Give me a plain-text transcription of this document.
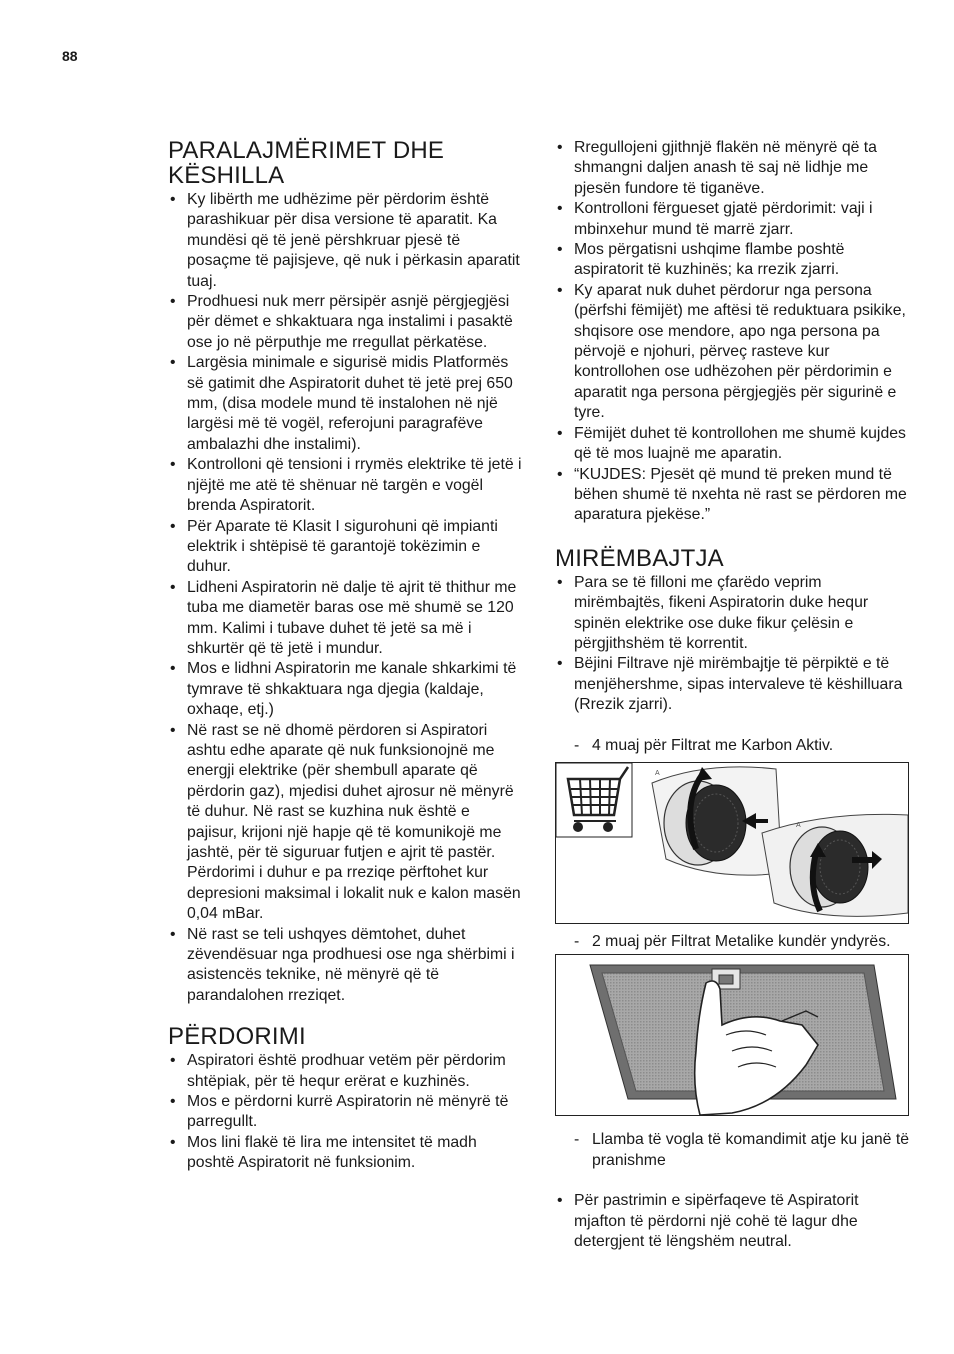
88
PARALAJMËRIMET DHE
KËSHILLA
• Ky libërth me udhëzime për përdorim është parashikuar për disa versione të aparatit. Ka mundësi që të jenë përshkruar pjesë të posaçme të pajisjeve, që nuk i përkasin aparatit tuaj.
• Prodhuesi nuk merr përsipër asnjë përgjegjësi për dëmet e shkaktuara nga instalimi i pasaktë ose jo në përputhje me rregullat përkatëse.
• Largësia minimale e sigurisë midis Platformës së gatimit dhe Aspiratorit duhet të jetë prej 650 mm, (disa modele mund të instalohen në një largësi më të vogël, referojuni paragrafëve ambalazhi dhe instalimi).
• Kontrolloni që tensioni i rrymës elektrike të jetë i njëjtë me atë të shënuar në targën e vogël brenda Aspiratorit.
• Për Aparate të Klasit I sigurohuni që impianti elektrik i shtëpisë të garantojë tokëzimin e duhur.
• Lidheni Aspiratorin në dalje të ajrit të thithur me tuba me diametër baras ose më shumë se 120 mm. Kalimi i tubave duhet të jetë sa më i shkurtër që të jetë i mundur.
• Mos e lidhni Aspiratorin me kanale shkarkimi të tymrave të shkaktuara nga djegia (kaldaje, oxhaqe, etj.)
• Në rast se në dhomë përdoren si Aspiratori ashtu edhe aparate që nuk funksionojnë me energji elektrike (për shembull aparate që përdorin gaz), mjedisi duhet ajrosur në mënyrë të duhur. Në rast se kuzhina nuk është e pajisur, krijoni një hapje që të komunikojë me jashtë, për të siguruar futjen e ajrit të pastër. Përdorimi i duhur e pa rreziqe përftohet kur depresioni maksimal i lokalit nuk e kalon masën 0,04 mBar.
• Në rast se teli ushqyes dëmtohet, duhet zëvendësuar nga prodhuesi ose nga shërbimi i asistencës teknike, në mënyrë që të parandalohen rreziqet.
PËRDORIMI
• Aspiratori është prodhuar vetëm për përdorim shtëpiak, për të hequr erërat e kuzhinës.
• Mos e përdorni kurrë Aspiratorin në mënyrë të parregullt.
• Mos lini flakë të lira me intensitet të madh poshtë Aspiratorit në funksionim.
• Rregullojeni gjithnjë flakën në mënyrë që ta shmangni daljen anash të saj në lidhje me pjesën fundore të tiganëve.
• Kontrolloni fërgueset gjatë përdorimit: vaji i mbinxehur mund të marrë zjarr.
• Mos përgatisni ushqime flambe poshtë aspiratorit të kuzhinës; ka rrezik zjarri.
• Ky aparat nuk duhet përdorur nga persona (përfshi fëmijët) me aftësi të reduktuara psikike, shqisore ose mendore, apo nga persona pa përvojë e njohuri, përveç rasteve kur kontrollohen ose udhëzohen për përdorimin e aparatit nga persona përgjegjës për sigurinë e tyre.
• Fëmijët duhet të kontrollohen me shumë kujdes që të mos luajnë me aparatin.
• “KUJDES: Pjesët që mund të preken mund të bëhen shumë të nxehta në rast se përdoren me aparatura pjekëse.”
MIRËMBAJTJA
• Para se të filloni me çfarëdo veprim mirëmbajtës, fikeni Aspiratorin duke hequr spinën elektrike ose duke fikur çelësin e përgjithshëm të korrentit.
• Bëjini Filtrave një mirëmbajtje të përpiktë e të menjëhershme, sipas intervaleve të këshilluara (Rrezik zjarri).
- 4 muaj për Filtrat me Karbon Aktiv.
A
A
- 2 muaj për Filtrat Metalike kundër yndyrës.
- Llamba të vogla të komandimit atje ku janë të pranishme
• Për pastrimin e sipërfaqeve të Aspiratorit mjafton të përdorni një cohë të lagur dhe detergjent të lëngshëm neutral.
